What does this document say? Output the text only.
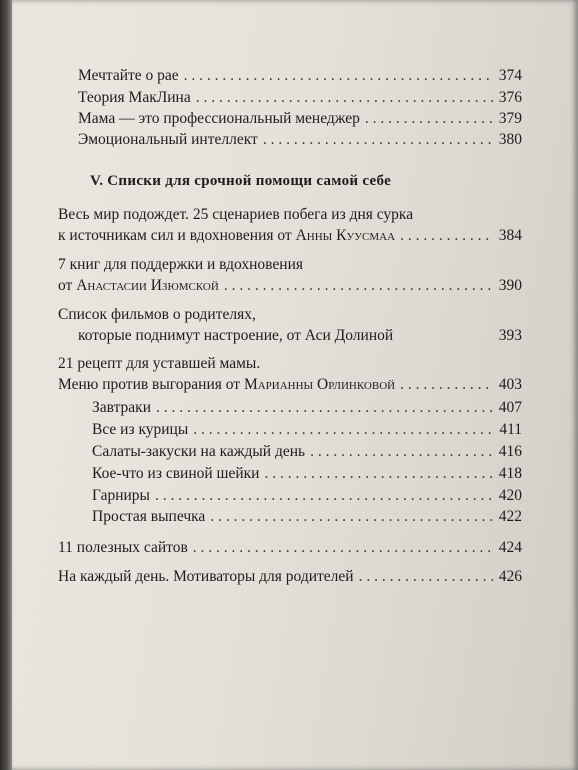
Мечтайте о рае . . .	374
Теория МакЛина . . .	376
Мама — это профессиональный менеджер . . .	379
Эмоциональный интеллект . . .	380
V. Списки для срочной помощи самой себе
Весь мир подождет. 25 сценариев побега из дня сурка
к источникам сил и вдохновения от Анны Куусмаа . . .	384
7 книг для поддержки и вдохновения
от Анастасии Изюмской . . .	390
Список фильмов о родителях,
которые поднимут настроение, от Аси Долиной	393
21 рецепт для уставшей мамы.
Меню против выгорания от Марианны Орлинковой . . .	403
Завтраки . . .	407
Все из курицы . . .	411
Салаты-закуски на каждый день . . .	416
Кое-что из свиной шейки . . .	418
Гарниры . . .	420
Простая выпечка . . .	422
11 полезных сайтов . . .	424
На каждый день. Мотиваторы для родителей . . .	426
